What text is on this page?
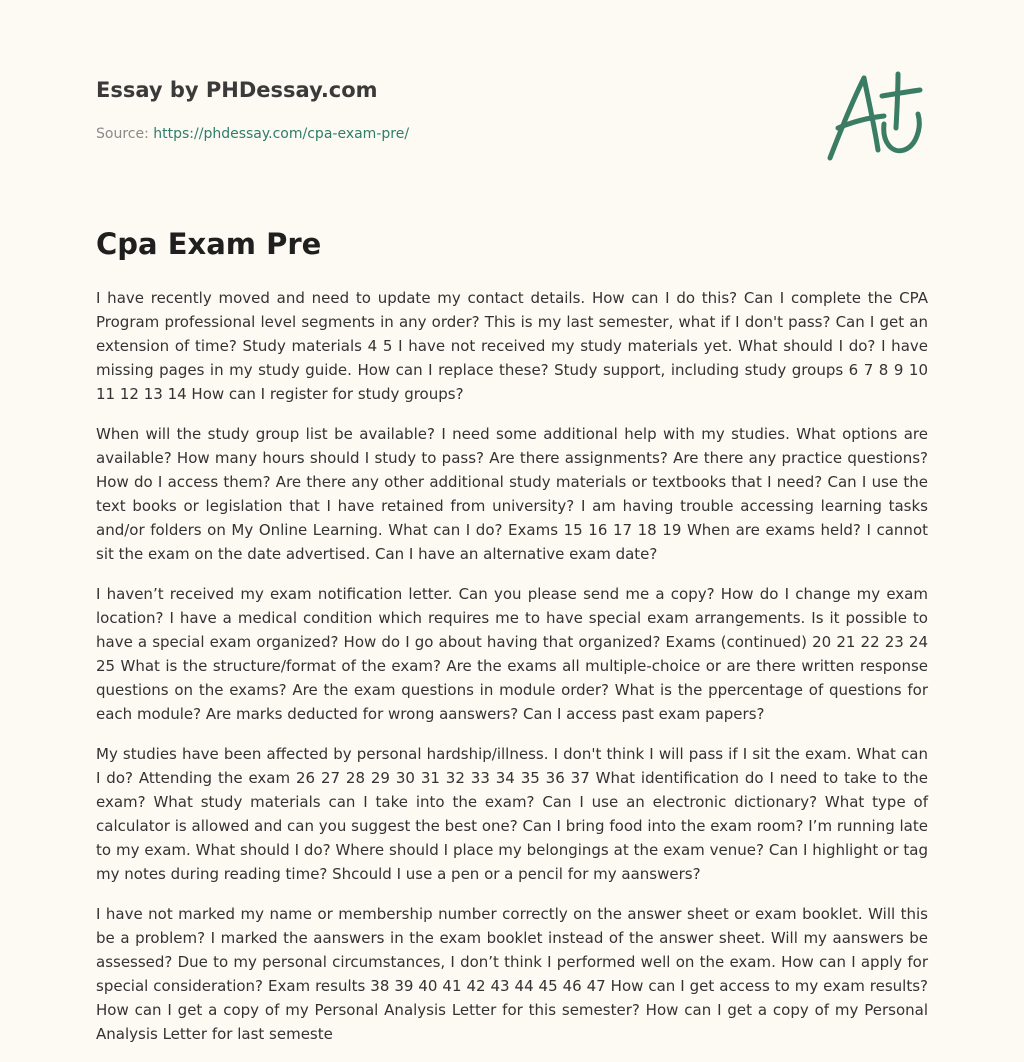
Essay by PHDessay.com
Source: https://phdessay.com/cpa-exam-pre/
Cpa Exam Pre

I have recently moved and need to update my contact details. How can I do this? Can I complete the CPA Program professional level segments in any order? This is my last semester, what if I don't pass? Can I get an extension of time? Study materials 4 5 I have not received my study materials yet. What should I do? I have missing pages in my study guide. How can I replace these? Study support, including study groups 6 7 8 9 10 11 12 13 14 How can I register for study groups?

When will the study group list be available? I need some additional help with my studies. What options are available? How many hours should I study to pass? Are there assignments? Are there any practice questions? How do I access them? Are there any other additional study materials or textbooks that I need? Can I use the text books or legislation that I have retained from university? I am having trouble accessing learning tasks and/or folders on My Online Learning. What can I do? Exams 15 16 17 18 19 When are exams held? I cannot sit the exam on the date advertised. Can I have an alternative exam date?

I haven’t received my exam notification letter. Can you please send me a copy? How do I change my exam location? I have a medical condition which requires me to have special exam arrangements. Is it possible to have a special exam organized? How do I go about having that organized? Exams (continued) 20 21 22 23 24 25 What is the structure/format of the exam? Are the exams all multiple-choice or are there written response questions on the exams? Are the exam questions in module order? What is the ppercentage of questions for each module? Are marks deducted for wrong aanswers? Can I access past exam papers?

My studies have been affected by personal hardship/illness. I don't think I will pass if I sit the exam. What can I do? Attending the exam 26 27 28 29 30 31 32 33 34 35 36 37 What identification do I need to take to the exam? What study materials can I take into the exam? Can I use an electronic dictionary? What type of calculator is allowed and can you suggest the best one? Can I bring food into the exam room? I’m running late to my exam. What should I do? Where should I place my belongings at the exam venue? Can I highlight or tag my notes during reading time? Shcould I use a pen or a pencil for my aanswers?

I have not marked my name or membership number correctly on the answer sheet or exam booklet. Will this be a problem? I marked the aanswers in the exam booklet instead of the answer sheet. Will my aanswers be assessed? Due to my personal circumstances, I don’t think I performed well on the exam. How can I apply for special consideration? Exam results 38 39 40 41 42 43 44 45 46 47 How can I get access to my exam results? How can I get a copy of my Personal Analysis Letter for this semester? How can I get a copy of my Personal Analysis Letter for last semeste
